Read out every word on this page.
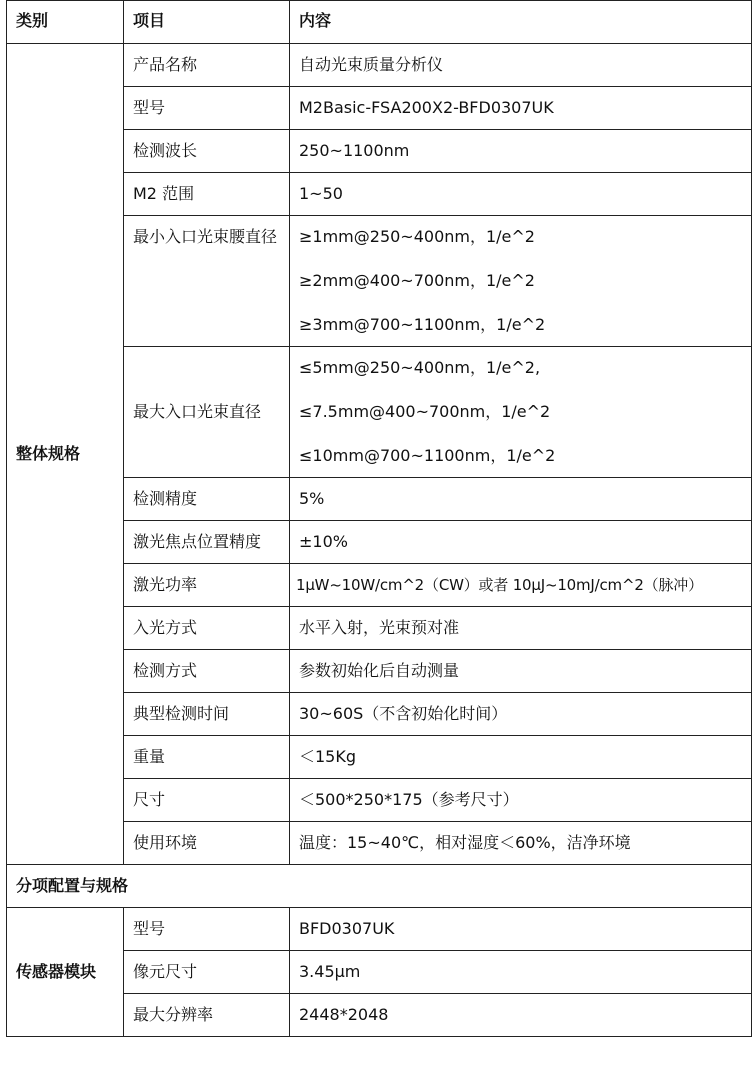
类别	项目	内容
整体规格	产品名称	自动光束质量分析仪
	型号	M2Basic-FSA200X2-BFD0307UK
	检测波长	250~1100nm
	M2 范围	1~50
	最小入口光束腰直径	≥1mm@250~400nm，1/e^2
≥2mm@400~700nm，1/e^2
≥3mm@700~1100nm，1/e^2

	最大入口光束直径	≤5mm@250~400nm，1/e^2,
≤7.5mm@400~700nm，1/e^2
≤10mm@700~1100nm，1/e^2

	检测精度	5%
	激光焦点位置精度	±10%
	激光功率	1μW~10W/cm^2（CW）或者 10μJ~10mJ/cm^2（脉冲）
	入光方式	水平入射，光束预对准
	检测方式	参数初始化后自动测量
	典型检测时间	30~60S（不含初始化时间）
	重量	＜15Kg
	尺寸	＜500*250*175（参考尺寸）
	使用环境	温度：15~40℃，相对湿度＜60%，洁净环境
分项配置与规格		
传感器模块	型号	BFD0307UK
	像元尺寸	3.45μm
	最大分辨率	2448*2048
